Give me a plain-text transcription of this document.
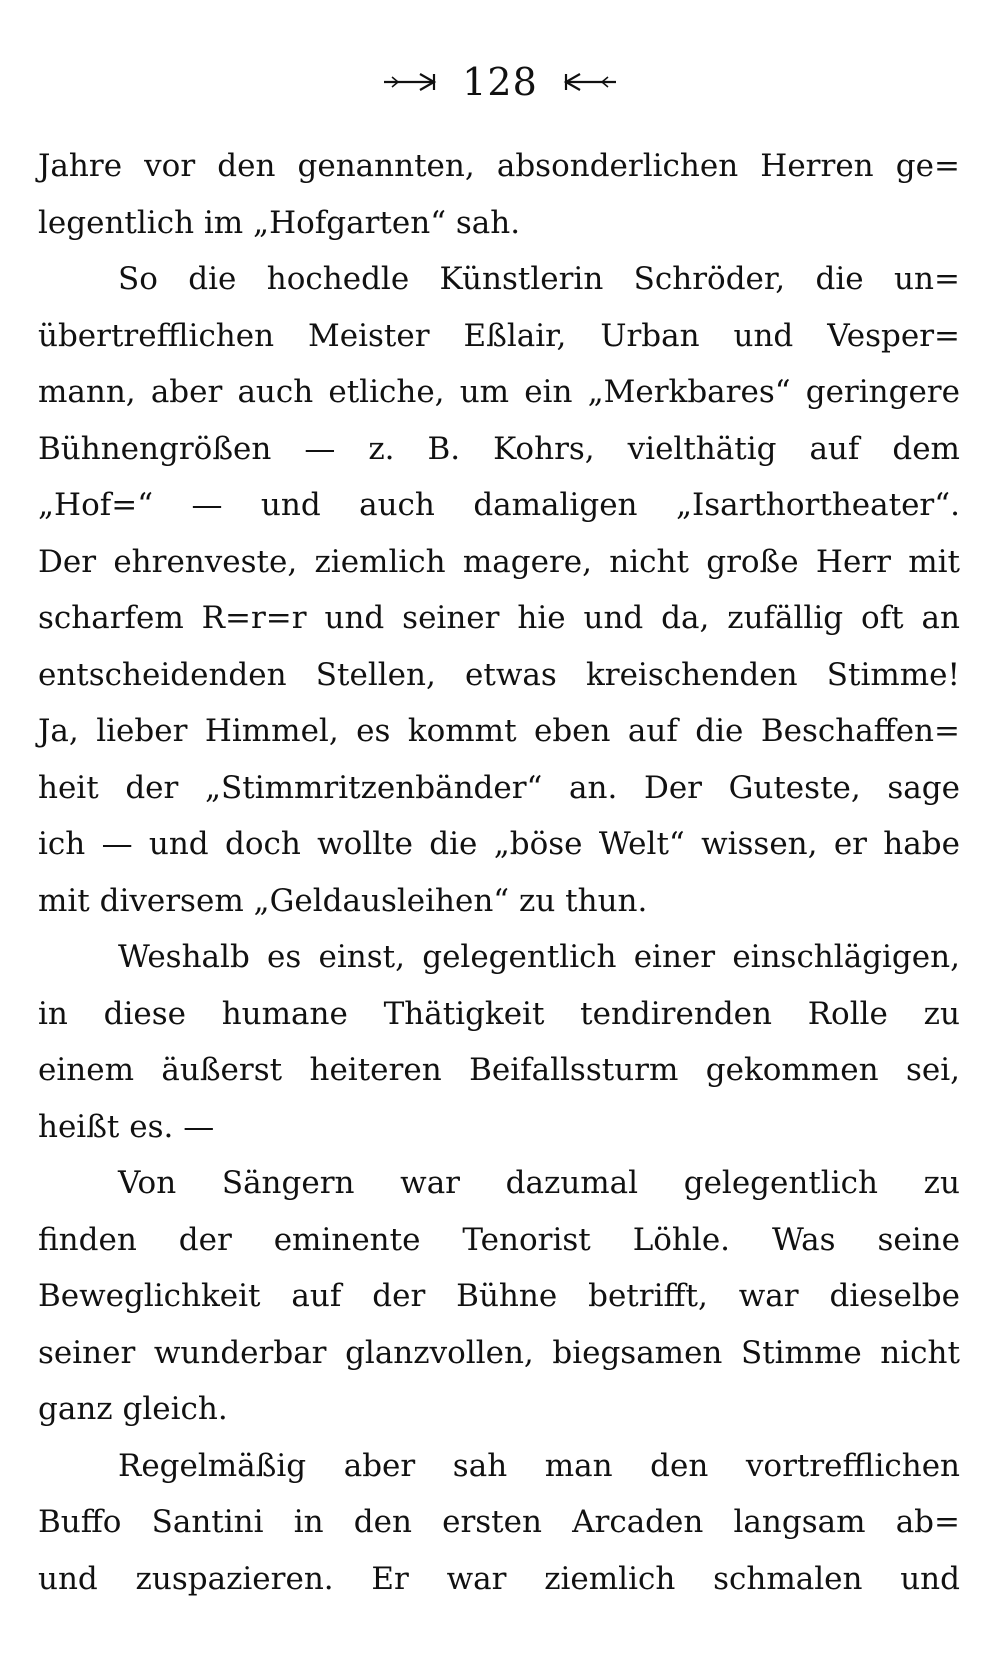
128
Jahre vor den genannten, absonderlichen Herren ge=
legentlich im „Hofgarten“ sah.
So die hochedle Künstlerin Schröder, die un=
übertrefflichen Meister Eßlair, Urban und Vesper=
mann, aber auch etliche, um ein „Merkbares“ geringere
Bühnengrößen — z. B. Kohrs, vielthätig auf dem
„Hof=“ — und auch damaligen „Isarthortheater“.
Der ehrenveste, ziemlich magere, nicht große Herr mit
scharfem R=r=r und seiner hie und da, zufällig oft an
entscheidenden Stellen, etwas kreischenden Stimme!
Ja, lieber Himmel, es kommt eben auf die Beschaffen=
heit der „Stimmritzenbänder“ an. Der Guteste, sage
ich — und doch wollte die „böse Welt“ wissen, er habe
mit diversem „Geldausleihen“ zu thun.
Weshalb es einst, gelegentlich einer einschlägigen,
in diese humane Thätigkeit tendirenden Rolle zu
einem äußerst heiteren Beifallssturm gekommen sei,
heißt es. —
Von Sängern war dazumal gelegentlich zu
finden der eminente Tenorist Löhle. Was seine
Beweglichkeit auf der Bühne betrifft, war dieselbe
seiner wunderbar glanzvollen, biegsamen Stimme nicht
ganz gleich.
Regelmäßig aber sah man den vortrefflichen
Buffo Santini in den ersten Arcaden langsam ab=
und zuspazieren. Er war ziemlich schmalen und
